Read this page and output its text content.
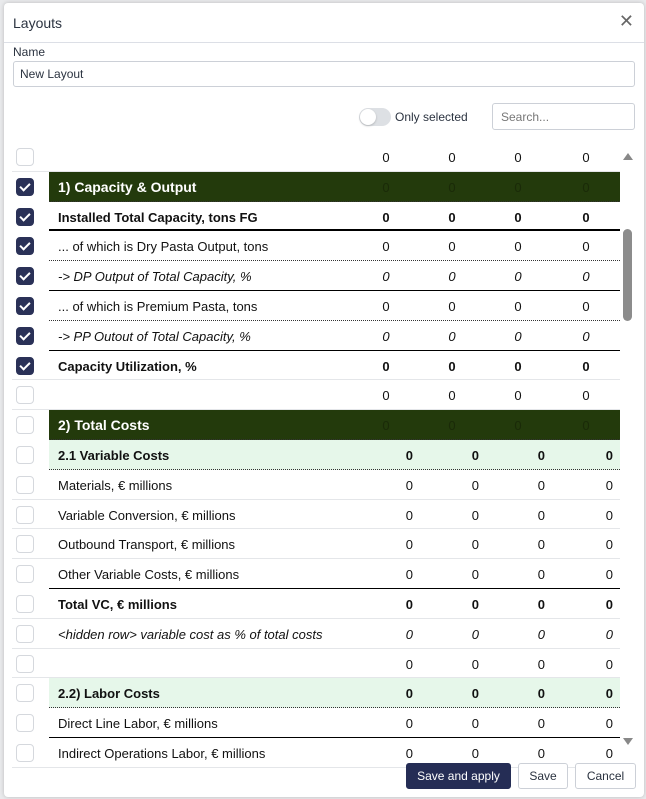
Layouts	✕
Name
New Layout
Only selected
Search...
0	0	0	0
1) Capacity & Output	0	0	0	0
Installed Total Capacity, tons FG	0	0	0	0
... of which is Dry Pasta Output, tons	0	0	0	0
-> DP Output of Total Capacity, %	0	0	0	0
... of which is Premium Pasta, tons	0	0	0	0
-> PP Outout of Total Capacity, %	0	0	0	0
Capacity Utilization, %	0	0	0	0
0	0	0	0
2) Total Costs	0	0	0	0
2.1 Variable Costs	0	0	0	0
Materials, € millions	0	0	0	0
Variable Conversion, € millions	0	0	0	0
Outbound Transport, € millions	0	0	0	0
Other Variable Costs, € millions	0	0	0	0
Total VC, € millions	0	0	0	0
<hidden row> variable cost as % of total costs	0	0	0	0
0	0	0	0
2.2) Labor Costs	0	0	0	0
Direct Line Labor, € millions	0	0	0	0
Indirect Operations Labor, € millions	0	0	0	0
Save and apply	Save	Cancel
